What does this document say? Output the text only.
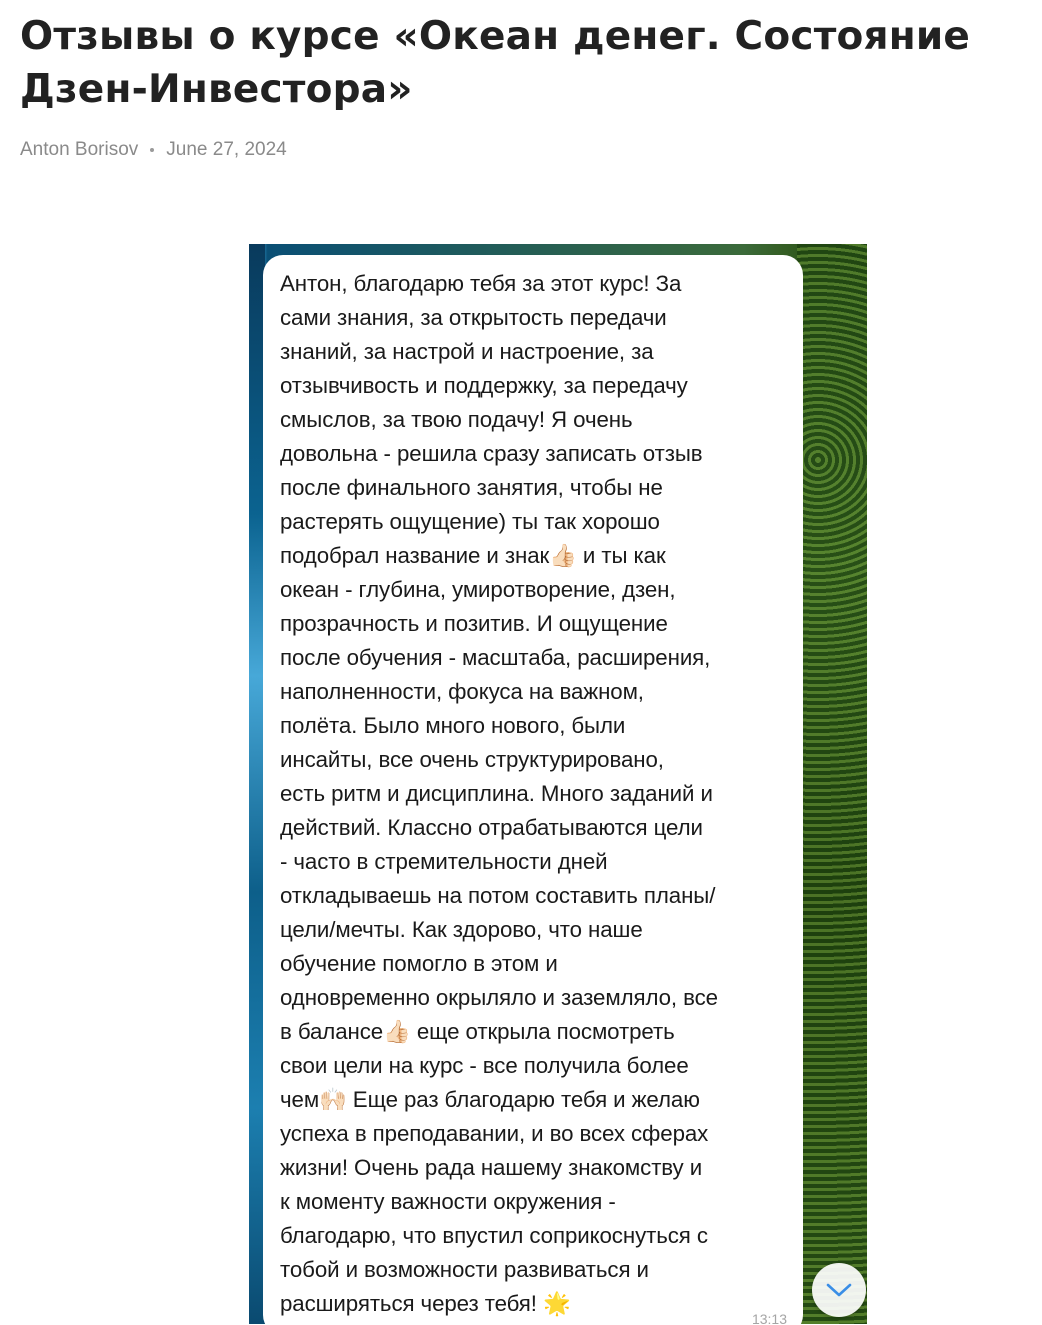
Отзывы о курсе «Океан денег. Состояние Дзен-Инвестора»
Anton Borisov June 27, 2024

Антон, благодарю тебя за этот курс! За
сами знания, за открытость передачи
знаний, за настрой и настроение, за
отзывчивость и поддержку, за передачу
смыслов, за твою подачу! Я очень
довольна - решила сразу записать отзыв
после финального занятия, чтобы не
растерять ощущение) ты так хорошо
подобрал название и знак👍🏻 и ты как
океан - глубина, умиротворение, дзен,
прозрачность и позитив. И ощущение
после обучения - масштаба, расширения,
наполненности, фокуса на важном,
полёта. Было много нового, были
инсайты, все очень структурировано,
есть ритм и дисциплина. Много заданий и
действий. Классно отрабатываются цели
- часто в стремительности дней
откладываешь на потом составить планы/
цели/мечты. Как здорово, что наше
обучение помогло в этом и
одновременно окрыляло и заземляло, все
в балансе👍🏻 еще открыла посмотреть
свои цели на курс - все получила более
чем🙌🏻 Еще раз благодарю тебя и желаю
успеха в преподавании, и во всех сферах
жизни! Очень рада нашему знакомству и
к моменту важности окружения -
благодарю, что впустил соприкоснуться с
тобой и возможности развиваться и
расширяться через тебя! 🌟

13:13
